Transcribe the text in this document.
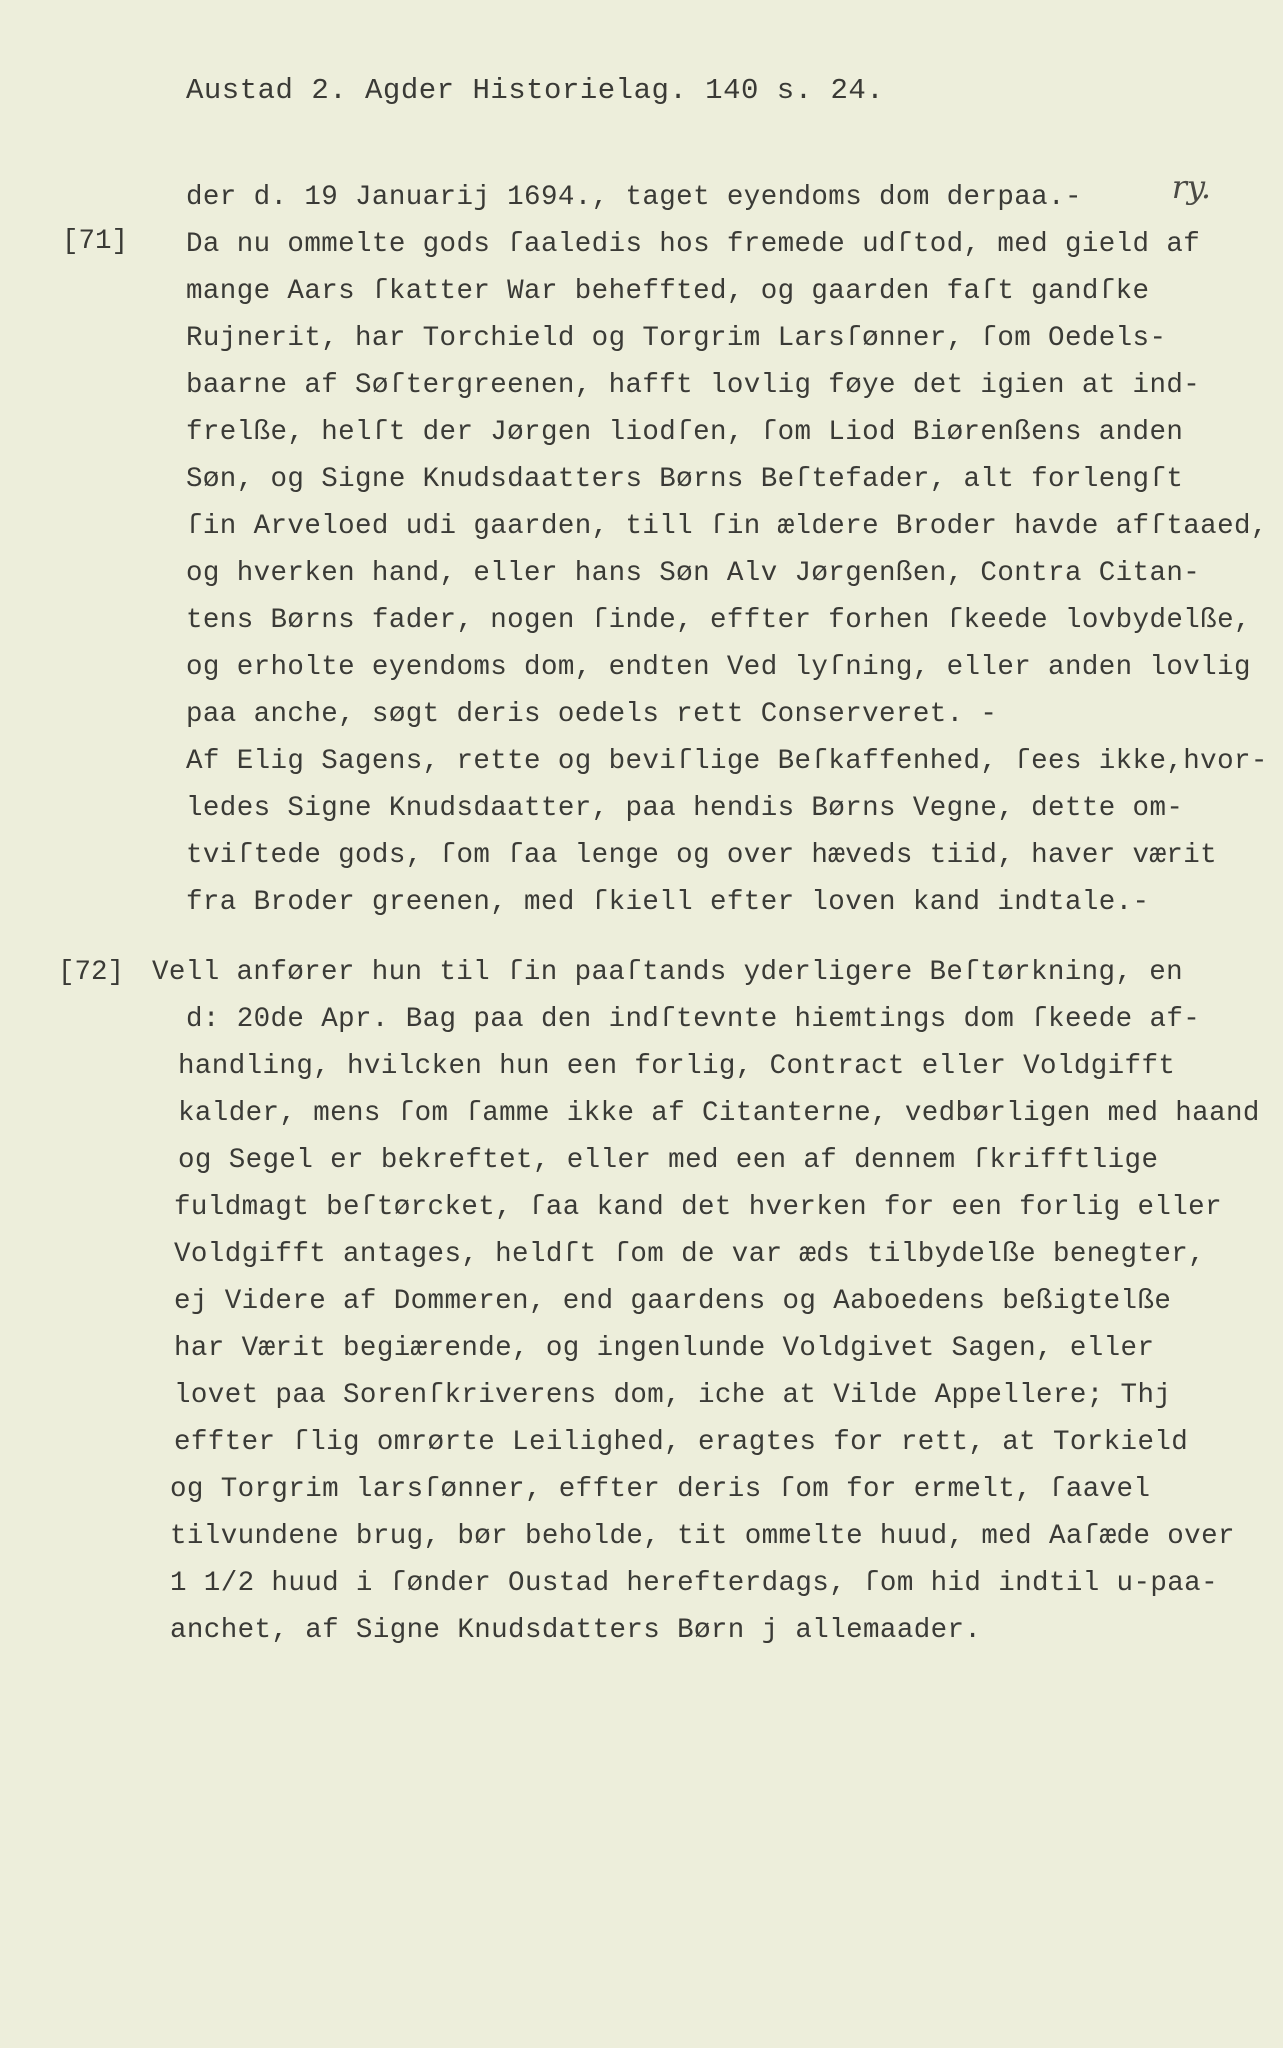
Austad 2. Agder Historielag. 140 s. 24.
ry.
[71]
[72]
der d. 19 Januarij 1694., taget eyendoms dom derpaa.-
Da nu ommelte gods ſaaledis hos fremede udſtod, med gield af
mange Aars ſkatter War beheffted, og gaarden faſt gandſke
Rujnerit, har Torchield og Torgrim Larsſønner, ſom Oedels-
baarne af Søſtergreenen, hafft lovlig føye det igien at ind-
frelße, helſt der Jørgen liodſen, ſom Liod Biørenßens anden
Søn, og Signe Knudsdaatters Børns Beſtefader, alt forlengſt
ſin Arveloed udi gaarden, till ſin ældere Broder havde afſtaaed,
og hverken hand, eller hans Søn Alv Jørgenßen, Contra Citan-
tens Børns fader, nogen ſinde, effter forhen ſkeede lovbydelße,
og erholte eyendoms dom, endten Ved lyſning, eller anden lovlig
paa anche, søgt deris oedels rett Conserveret. -
Af Elig Sagens, rette og beviſlige Beſkaffenhed, ſees ikke,hvor-
ledes Signe Knudsdaatter, paa hendis Børns Vegne, dette om-
tviſtede gods, ſom ſaa lenge og over hæveds tiid, haver værit
fra Broder greenen, med ſkiell efter loven kand indtale.-
Vell anfører hun til ſin paaſtands yderligere Beſtørkning, en
d: 20de Apr. Bag paa den indſtevnte hiemtings dom ſkeede af-
handling, hvilcken hun een forlig, Contract eller Voldgifft
kalder, mens ſom ſamme ikke af Citanterne, vedbørligen med haand
og Segel er bekreftet, eller med een af dennem ſkrifftlige
fuldmagt beſtørcket, ſaa kand det hverken for een forlig eller
Voldgifft antages, heldſt ſom de var æds tilbydelße benegter,
ej Videre af Dommeren, end gaardens og Aaboedens beßigtelße
har Værit begiærende, og ingenlunde Voldgivet Sagen, eller
lovet paa Sorenſkriverens dom, iche at Vilde Appellere; Thj
effter ſlig omrørte Leilighed, eragtes for rett, at Torkield
og Torgrim larsſønner, effter deris ſom for ermelt, ſaavel
tilvundene brug, bør beholde, tit ommelte huud, med Aaſæde over
1 1/2 huud i ſønder Oustad herefterdags, ſom hid indtil u-paa-
anchet, af Signe Knudsdatters Børn j allemaader.
